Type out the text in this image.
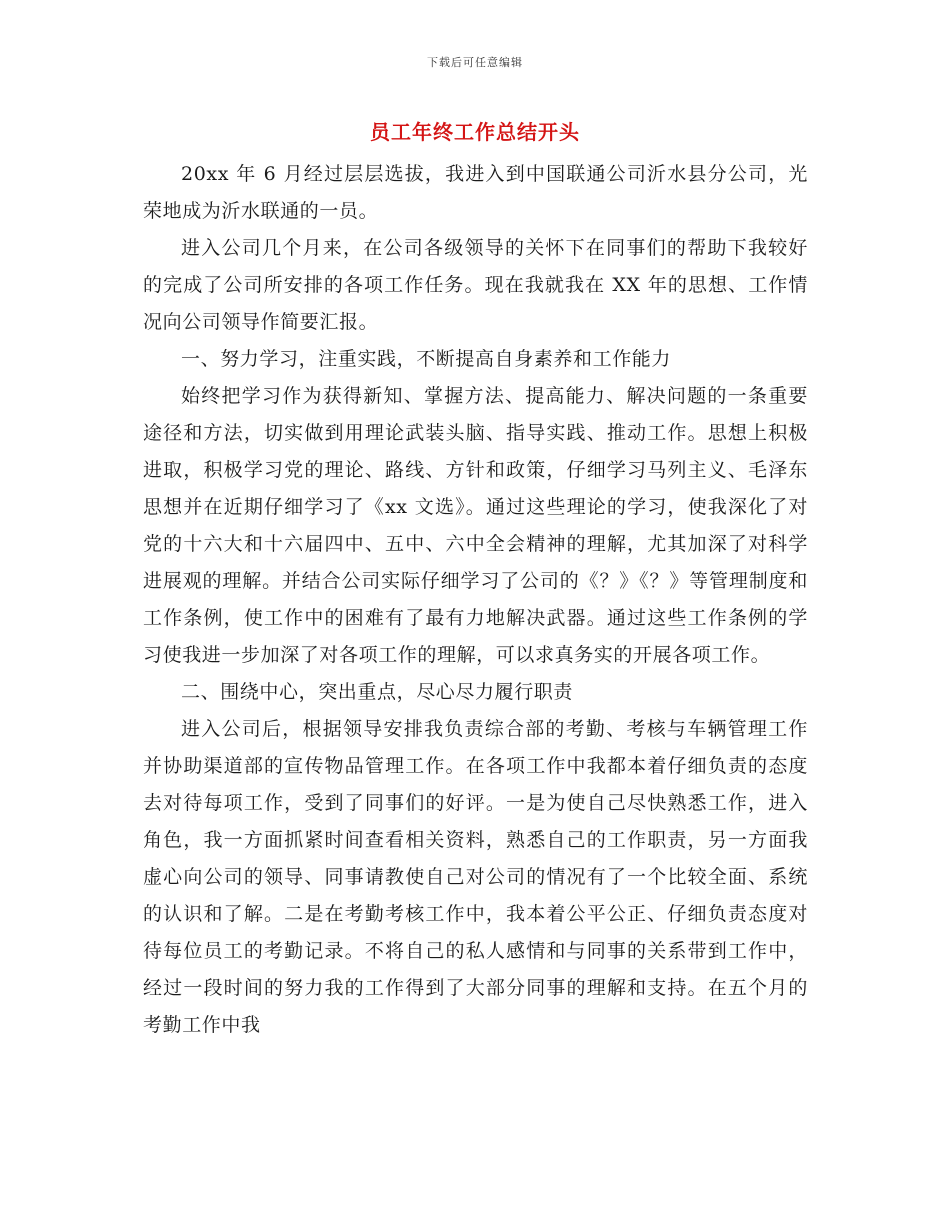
下载后可任意编辑
员工年终工作总结开头

20xx 年 6 月经过层层选拔，我进入到中国联通公司沂水县分公司，光荣地成为沂水联通的一员。

进入公司几个月来，在公司各级领导的关怀下在同事们的帮助下我较好的完成了公司所安排的各项工作任务。现在我就我在 XX 年的思想、工作情况向公司领导作简要汇报。

一、努力学习，注重实践，不断提高自身素养和工作能力

始终把学习作为获得新知、掌握方法、提高能力、解决问题的一条重要途径和方法，切实做到用理论武装头脑、指导实践、推动工作。思想上积极进取，积极学习党的理论、路线、方针和政策，仔细学习马列主义、毛泽东思想并在近期仔细学习了《xx 文选》。通过这些理论的学习，使我深化了对党的十六大和十六届四中、五中、六中全会精神的理解，尤其加深了对科学进展观的理解。并结合公司实际仔细学习了公司的《？》《？》等管理制度和工作条例，使工作中的困难有了最有力地解决武器。通过这些工作条例的学习使我进一步加深了对各项工作的理解，可以求真务实的开展各项工作。

二、围绕中心，突出重点，尽心尽力履行职责

进入公司后，根据领导安排我负责综合部的考勤、考核与车辆管理工作并协助渠道部的宣传物品管理工作。在各项工作中我都本着仔细负责的态度去对待每项工作，受到了同事们的好评。一是为使自己尽快熟悉工作，进入角色，我一方面抓紧时间查看相关资料，熟悉自己的工作职责，另一方面我虚心向公司的领导、同事请教使自己对公司的情况有了一个比较全面、系统的认识和了解。二是在考勤考核工作中，我本着公平公正、仔细负责态度对待每位员工的考勤记录。不将自己的私人感情和与同事的关系带到工作中，经过一段时间的努力我的工作得到了大部分同事的理解和支持。在五个月的考勤工作中我
